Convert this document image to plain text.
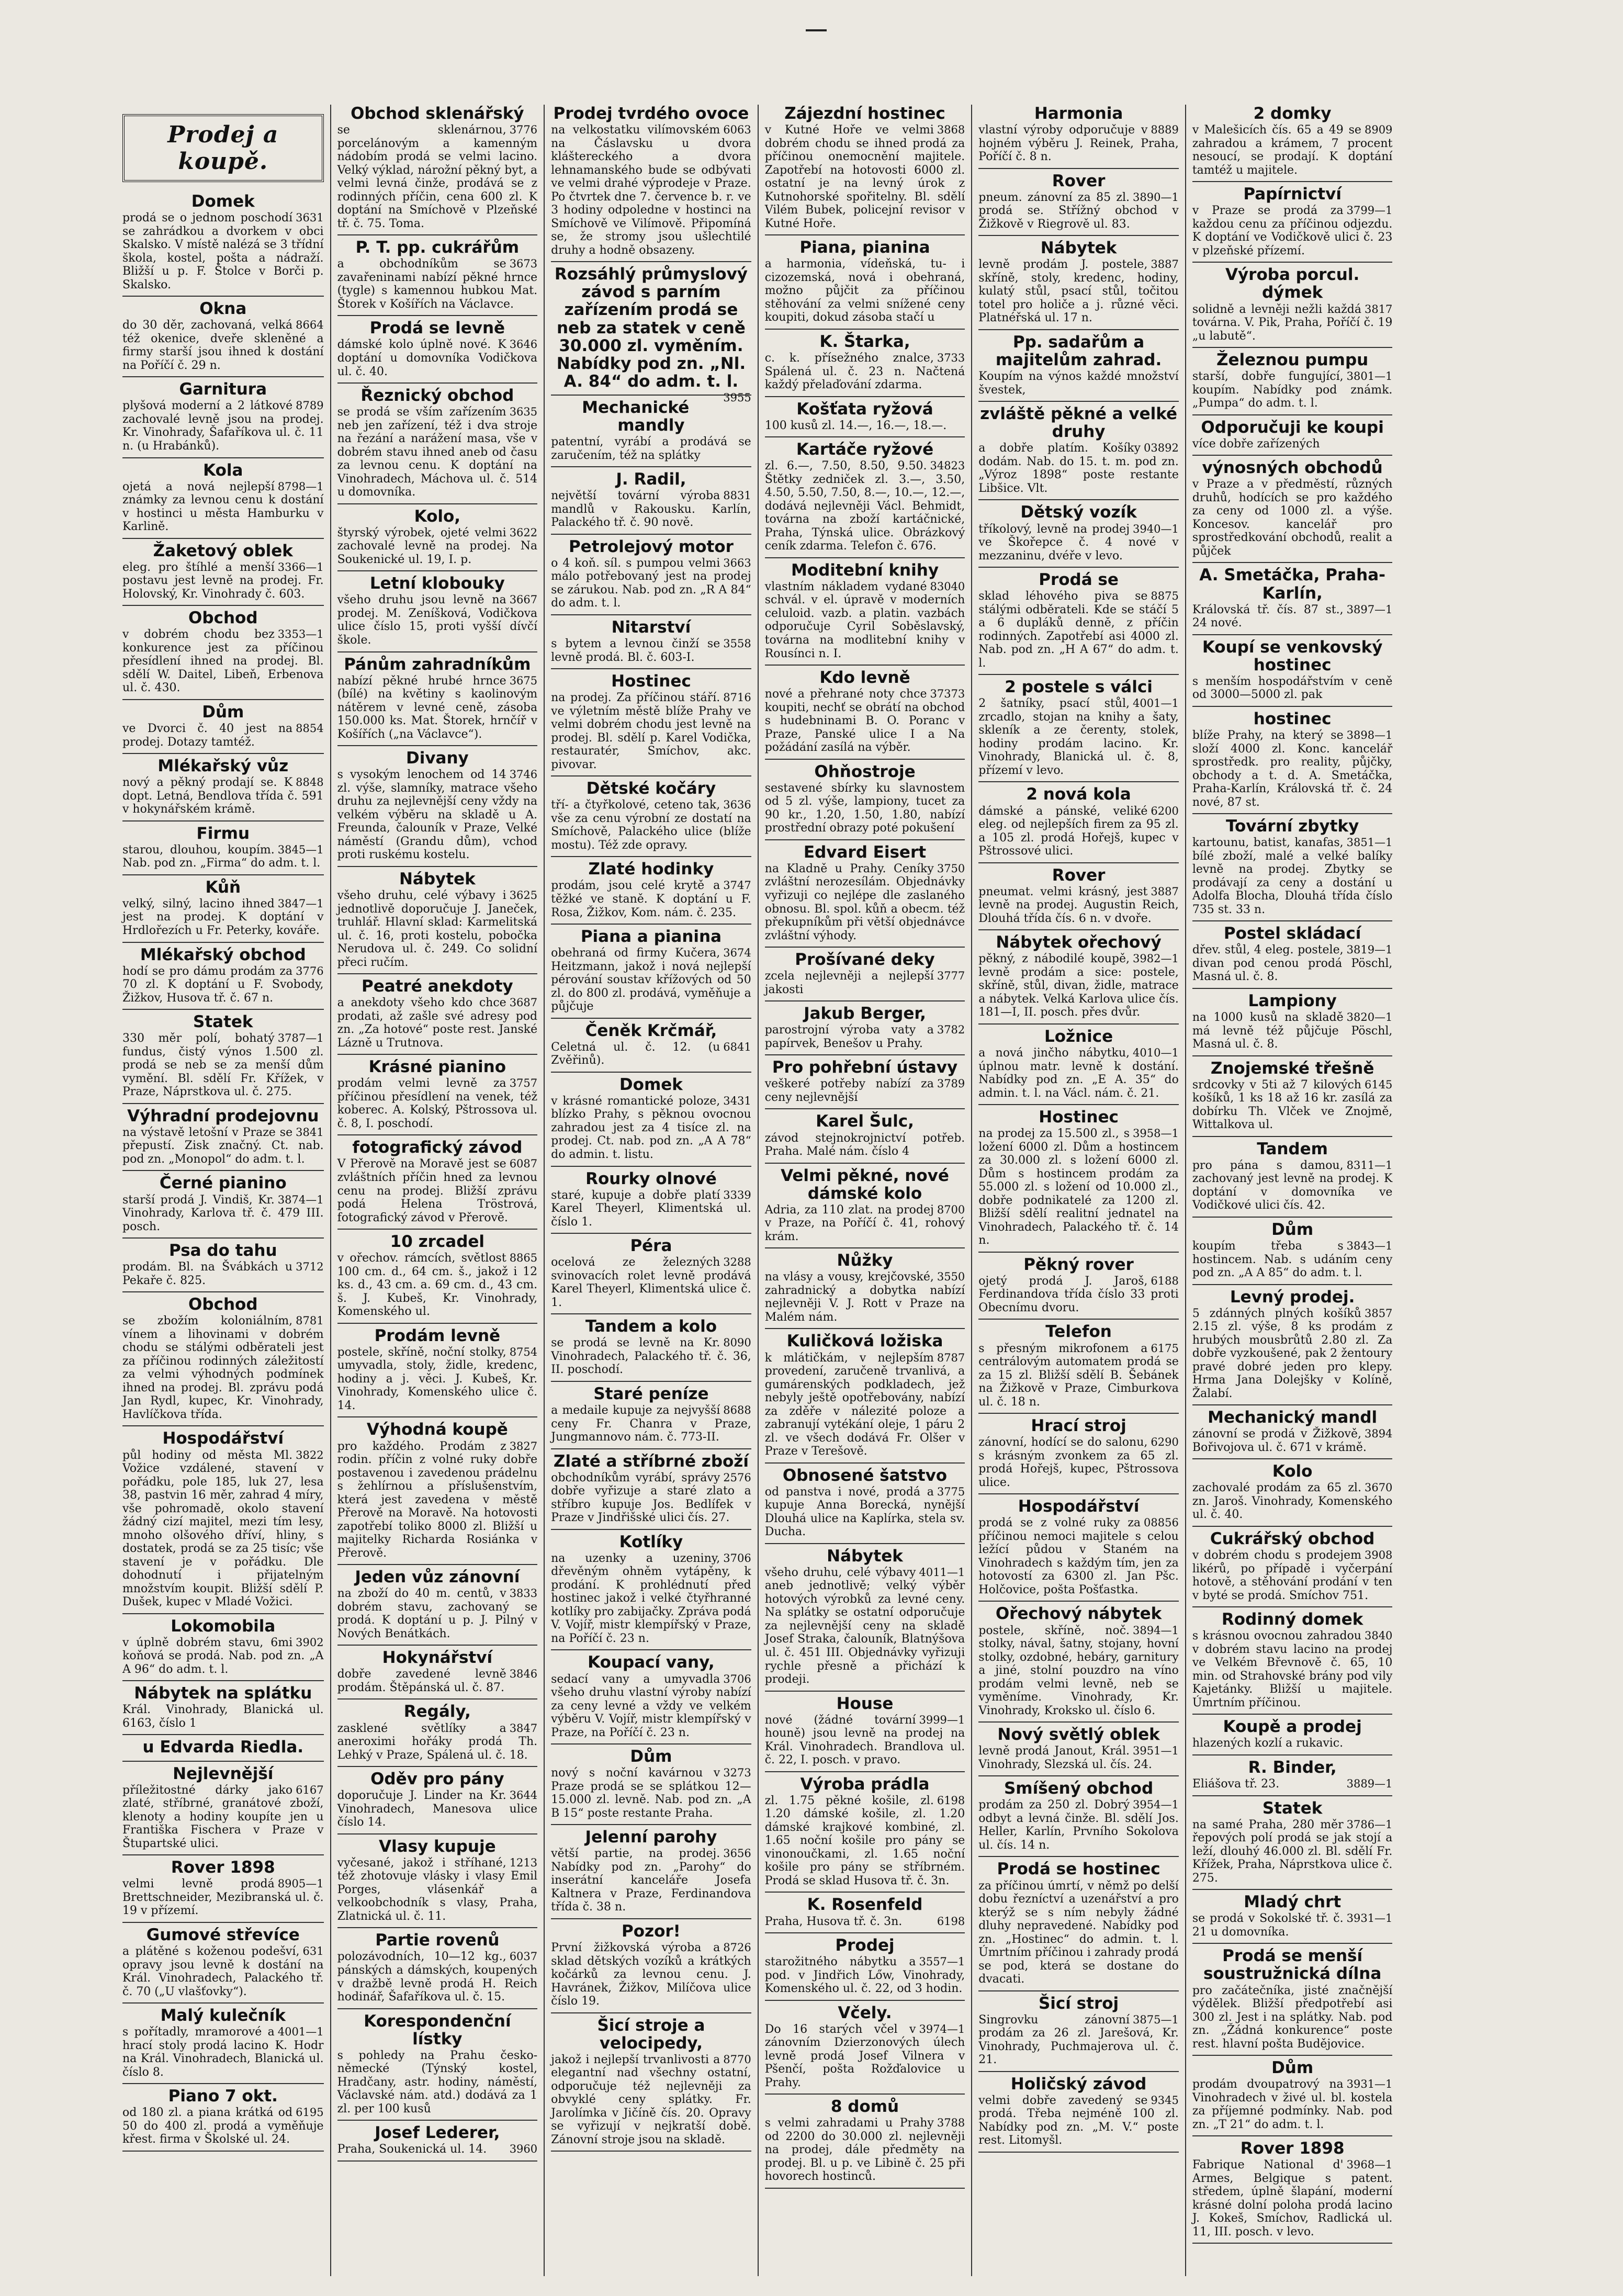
Prodej a koupě.
Domek

3631
prodá se o jednom poschodí se zahrádkou a dvorkem v obci Skalsko. V místě nalézá se 3 třídní škola, kostel, pošta a nádraží. Bližší u p. F. Štolce v Borči p. Skalsko.

Okna

8664
do 30 děr, zachovaná, velká též okenice, dveře skleněné a firmy starší jsou ihned k dostání na Poříčí č. 29 n.

Garnitura

8789
plyšová moderní a 2 látkové zachovalé levně jsou na prodej. Kr. Vinohrady, Šafaříkova ul. č. 11 n. (u Hrabánků).

Kola

8798—1
ojetá a nová nejlepší známky za levnou cenu k dostání v hostinci u města Hamburku v Karlině.

Žaketový oblek

3366—1
eleg. pro štíhlé a menší postavu jest levně na prodej. Fr. Holovský, Kr. Vinohrady č. 603.

Obchod

3353—1
v dobrém chodu bez konkurence jest za příčinou přesídlení ihned na prodej. Bl. sdělí W. Daitel, Libeň, Erbenova ul. č. 430.

Dům

8854
ve Dvorci č. 40 jest na prodej. Dotazy tamtéž.

Mlékařský vůz

8848
nový a pěkný prodají se. K dopt. Letná, Bendlova třída č. 591 v hokynářském krámě.

Firmu

3845—1
starou, dlouhou, koupím. Nab. pod zn. „Firma“ do adm. t. l.

Kůň

3847—1
velký, silný, lacino ihned jest na prodej. K doptání v Hrdlořezích u Fr. Peterky, kováře.

Mlékařský obchod

3776
hodí se pro dámu prodám za 70 zl. K doptání u F. Svobody, Žižkov, Husova tř. č. 67 n.

Statek

3787—1
330 měr polí, bohatý fundus, čistý výnos 1.500 zl. prodá se neb se za menší dům vymění. Bl. sdělí Fr. Křížek, v Praze, Náprstkova ul. č. 275.

Výhradní prodejovnu

3841
na výstavě letošní v Praze se přepustí. Zisk značný. Ct. nab. pod zn. „Monopol“ do adm. t. l.

Černé pianino

3874—1
starší prodá J. Vindiš, Kr. Vinohrady, Karlova tř. č. 479 III. posch.

Psa do tahu

3712
prodám. Bl. na Švábkách u Pekaře č. 825.

Obchod

8781
se zbožím koloniálním, vínem a lihovinami v dobrém chodu se stálými odběrateli jest za příčinou rodinných záležitostí za velmi výhodných podmínek ihned na prodej. Bl. zprávu podá Jan Rydl, kupec, Kr. Vinohrady, Havlíčkova třída.

Hospodářství

3822
půl hodiny od města Ml. Vožice vzdálené, stavení v pořádku, pole 185, luk 27, lesa 38, pastvin 16 měr, zahrad 4 míry, vše pohromadě, okolo stavení žádný cizí majitel, mezi tím lesy, mnoho olšového dříví, hliny, s dostatek, prodá se za 25 tisíc; vše stavení je v pořádku. Dle dohodnutí i přijatelným množstvím koupit. Bližší sdělí P. Dušek, kupec v Mladé Vožici.

Lokomobila

3902
v úplně dobrém stavu, 6mi koňová se prodá. Nab. pod zn. „A A 96“ do adm. t. l.

Nábytek na splátku

Král. Vinohrady, Blanická ul. 6163, číslo 1

u Edvarda Riedla.
Nejlevnější

6167
příležitostné dárky jako zlaté, stříbrné, granátové zboží, klenoty a hodiny koupíte jen u Františka Fischera v Praze v Štupartské ulici.

Rover 1898

8905—1
velmi levně prodá Brettschneider, Mezibranská ul. č. 19 v přízemí.

Gumové střevíce

631
a plátěné s koženou podešví, opravy jsou levně k dostání na Král. Vinohradech, Palackého tř. č. 70 („U vlašťovky“).

Malý kulečník

4001—1
s pořítadly, mramorové a hrací stoly prodá lacino K. Hodr na Král. Vinohradech, Blanická ul. číslo 8.

Piano 7 okt.

6195
od 180 zl. a piana krátká od 50 do 400 zl. prodá a vyměňuje křest. firma v Školské ul. 24.

Obchod sklenářský

3776
se sklenárnou, porcelánovým a kamenným nádobím prodá se velmi lacino. Velký výklad, nárožní pěkný byt, a velmi levná činže, prodává se z rodinných příčin, cena 600 zl. K doptání na Smíchově v Plzeňské tř. č. 75. Toma.

P. T. pp. cukrářům

3673
a obchodníkům se zavařeninami nabízí pěkné hrnce (tygle) s kamennou hubkou Mat. Štorek v Košířích na Václavce.

Prodá se levně

3646
dámské kolo úplně nové. K doptání u domovníka Vodičkova ul. č. 40.

Řeznický obchod

3635
se prodá se vším zařízením neb jen zařízení, též i dva stroje na řezání a narážení masa, vše v dobrém stavu ihned aneb od času za levnou cenu. K doptání na Vinohradech, Máchova ul. č. 514 u domovníka.

Kolo,

3622
štyrský výrobek, ojeté velmi zachovalé levně na prodej. Na Soukenické ul. 19, I. p.

Letní klobouky

3667
všeho druhu jsou levně na prodej. M. Zeníšková, Vodičkova ulice číslo 15, proti vyšší dívčí škole.

Pánům zahradníkům

3675
nabízí pěkné hrubé hrnce (bílé) na květiny s kaolinovým nátěrem v levné ceně, zásoba 150.000 ks. Mat. Štorek, hrnčíř v Košířích („na Václavce“).

Divany

3746
s vysokým lenochem od 14 zl. výše, slamníky, matrace všeho druhu za nejlevnější ceny vždy na velkém výběru na skladě u A. Freunda, čalouník v Praze, Velké náměstí (Grandu dům), vchod proti ruskému kostelu.

Nábytek

3625
všeho druhu, celé výbavy i jednotlivě doporučuje J. Janeček, truhlář. Hlavní sklad: Karmelitská ul. č. 16, proti kostelu, pobočka Nerudova ul. č. 249. Co solidní přeci ručím.

Peatré anekdoty

3687
a anekdoty všeho kdo chce prodati, až zašle své adresy pod zn. „Za hotové“ poste rest. Janské Lázně u Trutnova.

Krásné pianino

3757
prodám velmi levně za příčinou přesídlení na venek, též koberec. A. Kolský, Pštrossova ul. č. 8, I. poschodí.

fotografický závod

6087
V Přerově na Moravě jest se zvláštních příčin hned za levnou cenu na prodej. Bližší zprávu podá Helena Tröstrová, fotografický závod v Přerově.

10 zrcadel

8865
v ořechov. rámcích, světlost 100 cm. d., 64 cm. š., jakož i 12 ks. d., 43 cm. a. 69 cm. d., 43 cm. š. J. Kubeš, Kr. Vinohrady, Komenského ul.

Prodám levně

8754
postele, skříně, noční stolky, umyvadla, stoly, židle, kredenc, hodiny a j. věci. J. Kubeš, Kr. Vinohrady, Komenského ulice č. 14.

Výhodná koupě

3827
pro každého. Prodám z rodin. příčin z volné ruky dobře postavenou i zavedenou prádelnu s žehlírnou a příslušenstvím, která jest zavedena v městě Přerově na Moravě. Na hotovosti zapotřebí toliko 8000 zl. Bližší u majitelky Richarda Rosiánka v Přerově.

Jeden vůz zánovní

3833
na zboží do 40 m. centů, v dobrém stavu, zachovaný se prodá. K doptání u p. J. Pilný v Nových Benátkách.

Hokynářství

3846
dobře zavedené levně prodám. Štěpánská ul. č. 87.

Regály,

3847
zasklené světlíky a aneroximi hořáky prodá Th. Lehký v Praze, Spálená ul. č. 18.

Oděv pro pány

3644
doporučuje J. Linder na Kr. Vinohradech, Manesova ulice číslo 14.

Vlasy kupuje

1213
vyčesané, jakož i stříhané, též zhotovuje vlásky i vlasy Emil Porges, vlásenkář a velkoobchodník s vlasy, Praha, Zlatnická ul. č. 11.

Partie rovenů

6037
polozávodních, 10—12 kg., pánských a dámských, koupených v dražbě levně prodá H. Reich hodinář, Šafaříkova ul. č. 15.

Korespondenční lístky

s pohledy na Prahu česko-německé (Týnský kostel, Hradčany, astr. hodiny, náměstí, Václavské nám. atd.) dodává za 1 zl. per 100 kusů

Josef Lederer,

3960
Praha, Soukenická ul. 14.

Prodej tvrdého ovoce

6063
na velkostatku vilímovském na Čáslavsku u dvora kláštereckého a dvora lehnamanského bude se odbývati ve velmi drahé výprodeje v Praze. Po čtvrtek dne 7. července b. r. ve 3 hodiny odpoledne v hostinci na Smíchově ve Vilímově. Připomíná se, že stromy jsou ušlechtilé druhy a hodně obsazeny.

Rozsáhlý průmyslový závod s parním zařízením prodá se neb za statek v ceně 30.000 zl. vyměním. Nabídky pod zn. „Nl. A. 84“ do adm. t. l.

3955

Mechanické mandly

patentní, vyrábí a prodává se zaručením, též na splátky

J. Radil,

8831
největší tovární výroba mandlů v Rakousku. Karlín, Palackého tř. č. 90 nově.

Petrolejový motor

3663
o 4 koň. síl. s pumpou velmi málo potřebovaný jest na prodej se zárukou. Nab. pod zn. „R A 84“ do adm. t. l.

Nitarství

3558
s bytem a levnou činží se levně prodá. Bl. č. 603-I.

Hostinec

8716
na prodej. Za příčinou stáří. ve výletním městě blíže Prahy ve velmi dobrém chodu jest levně na prodej. Bl. sdělí p. Karel Vodička, restauratér, Smíchov, akc. pivovar.

Dětské kočáry

3636
tří- a čtyřkolové, ceteno tak, vše za cenu výrobní ze dostatí na Smíchově, Palackého ulice (blíže mostu). Též zde opravy.

Zlaté hodinky

3747
prodám, jsou celé krytě a těžké ve staně. K doptání u F. Rosa, Žižkov, Kom. nám. č. 235.

Piana a pianina

3674
obehraná od firmy Kučera, Heitzmann, jakož i nová nejlepší pérování soustav křížových od 50 zl. do 800 zl. prodává, vyměňuje a půjčuje

Čeněk Krčmář,

6841
Celetná ul. č. 12. (u Zvěřinů).

Domek

3431
v krásné romantické poloze, blízko Prahy, s pěknou ovocnou zahradou jest za 4 tisíce zl. na prodej. Ct. nab. pod zn. „A A 78“ do admin. t. listu.

Rourky olnové

3339
staré, kupuje a dobře platí Karel Theyerl, Klimentská ul. číslo 1.

Péra

3288
ocelová ze železných svinovacích rolet levně prodává Karel Theyerl, Klimentská ulice č. 1.

Tandem a kolo

8090
se prodá se levně na Kr. Vinohradech, Palackého tř. č. 36, II. poschodí.

Staré peníze

8688
a medaile kupuje za nejvyšší ceny Fr. Chanra v Praze, Jungmannovo nám. č. 773-II.

Zlaté a stříbrné zboží

2576
obchodníkům vyrábí, správy dobře vyřizuje a staré zlato a stříbro kupuje Jos. Bedlífek v Praze v Jindřišské ulici čís. 27.

Kotlíky

3706
na uzenky a uzeniny, dřevěným ohněm vytápěny, k prodání. K prohlédnutí před hostinec jakož i velké čtyřhranné kotlíky pro zabijačky. Zpráva podá V. Vojíř, mistr klempířský v Praze, na Poříčí č. 23 n.

Koupací vany,

3706
sedací vany a umyvadla všeho druhu vlastní výroby nabízí za ceny levné a vždy ve velkém výběru V. Vojíř, mistr klempířský v Praze, na Poříčí č. 23 n.

Dům

3273
nový s noční kavárnou v Praze prodá se se splátkou 12—15.000 zl. levně. Nab. pod zn. „A B 15“ poste restante Praha.

Jelenní parohy

3656
větší partie, na prodej. Nabídky pod zn. „Parohy“ do inserátní kanceláře Josefa Kaltnera v Praze, Ferdinandova třída č. 38 n.

Pozor!

8726
První žižkovská výroba a sklad dětských vozíků a krátkých kočárků za levnou cenu. J. Havránek, Žižkov, Milíčova ulice číslo 19.

Šicí stroje a velocipedy,

8770
jakož i nejlepší trvanlivosti a elegantní nad všechny ostatní, odporučuje též nejlevněji za obvyklé ceny splátky. Fr. Jarolímka v Jičíně čís. 20. Opravy se vyřizují v nejkratší době. Zánovní stroje jsou na skladě.

Zájezdní hostinec

3868
v Kutné Hoře ve velmi dobrém chodu se ihned prodá za příčinou onemocnění majitele. Zapotřebí na hotovosti 6000 zl. ostatní je na levný úrok z Kutnohorské spořitelny. Bl. sdělí Vilém Bubek, policejní revisor v Kutné Hoře.

Piana, pianina

a harmonia, vídeňská, tu- i cizozemská, nová i obehraná, možno půjčit za příčinou stěhování za velmi snížené ceny koupiti, dokud zásoba stačí u

K. Štarka,

3733
c. k. přísežného znalce, Spálená ul. č. 23 n. Načtená každý přelaďování zdarma.

Košťata ryžová

100 kusů zl. 14.—, 16.—, 18.—.

Kartáče ryžové

34823
zl. 6.—, 7.50, 8.50, 9.50. Štětky zedniček zl. 3.—, 3.50, 4.50, 5.50, 7.50, 8.—, 10.—, 12.—, dodává nejlevněji Václ. Behmidt, továrna na zboží kartáčnické, Praha, Týnská ulice. Obrázkový ceník zdarma. Telefon č. 676.

Moditební knihy

83040
vlastním nákladem vydané schvál. v el. úpravě v moderních celuloid. vazb. a platin. vazbách odporučuje Cyril Soběslavský, továrna na modlitební knihy v Rousínci n. I.

Kdo levně

37373
nové a přehrané noty chce koupiti, nechť se obrátí na obchod s hudebninami B. O. Poranc v Praze, Panské ulice I a Na požádání zasílá na výběr.

Ohňostroje

sestavené sbírky ku slavnostem od 5 zl. výše, lampiony, tucet za 90 kr., 1.20, 1.50, 1.80, nabízí prostřední obrazy poté pokušení

Edvard Eisert

3750
na Kladně u Prahy. Ceníky zvláštní nerozesílám. Objednávky vyřizuji co nejlépe dle zaslaného obnosu. Bl. spol. kůň a obecm. též překupníkům při větší objednávce zvláštní výhody.

Prošívané deky

3777
zcela nejlevněji a nejlepší jakosti

Jakub Berger,

3782
parostrojní výroba vaty a papírvek, Benešov u Prahy.

Pro pohřební ústavy

3789
veškeré potřeby nabízí za ceny nejlevnější

Karel Šulc,

závod stejnokrojnictví potřeb. Praha. Malé nám. číslo 4

Velmi pěkné, nové dámské kolo

8700
Adria, za 110 zlat. na prodej v Praze, na Poříčí č. 41, rohový krám.

Nůžky

3550
na vlásy a vousy, krejčovské, zahradnický a dobytka nabízí nejlevněji V. J. Rott v Praze na Malém nám.

Kuličková ložiska

8787
k mlátičkám, v nejlepším provedení, zaručeně trvanlivá, a gumárenských podkladech, jež nebyly ještě opotřebovány, nabízí za zděře v nálezité poloze a zabranují vytékání oleje, 1 páru 2 zl. ve všech dodává Fr. Olšer v Praze v Terešově.

Obnosené šatstvo

3775
od panstva i nové, prodá a kupuje Anna Borecká, nynější Dlouhá ulice na Kaplírka, stela sv. Ducha.

Nábytek

4011—1
všeho druhu, celé výbavy aneb jednotlivě; velký výběr hotových výrobků za levné ceny. Na splátky se ostatní odporučuje za nejlevnější ceny na skladě Josef Straka, čalouník, Blatnýšova ul. č. 451 III. Objednávky vyřizuji rychle přesně a přichází k prodeji.

House

3999—1
nové (žádné tovární houně) jsou levně na prodej na Král. Vinohradech. Brandlova ul. č. 22, I. posch. v pravo.

Výroba prádla

6198
zl. 1.75 pěkné košile, zl. 1.20 dámské košile, zl. 1.20 dámské krajkové kombiné, zl. 1.65 noční košile pro pány se vinonoučkami, zl. 1.65 noční košile pro pány se stříbrném. Prodá se sklad Husova tř. č. 3n.

K. Rosenfeld

6198
Praha, Husova tř. č. 3n.

Prodej

3557—1
starožitného nábytku a pod. v Jindřich Lőw, Vinohrady, Komenského ul. č. 22, od 3 hodin.

Včely.

3974—1
Do 16 starých včel v zánovním Dzierzonových úlech levně prodá Josef Vilnera v Pšenčí, pošta Rožďalovice u Prahy.

8 domů

3788
s velmi zahradami u Prahy od 2200 do 30.000 zl. nejlevněji na prodej, dále předměty na prodej. Bl. u p. ve Libině č. 25 při hovorech hostinců.

Harmonia

8889
vlastní výroby odporučuje v hojném výběru J. Reinek, Praha, Poříčí č. 8 n.

Rover

3890—1
pneum. zánovní za 85 zl. prodá se. Střížný obchod v Žižkově v Riegrově ul. 83.

Nábytek

3887
levně prodám J. postele, skříně, stoly, kredenc, hodiny, kulatý stůl, psací stůl, točitou totel pro holiče a j. různé věci. Platnéřská ul. 17 n.

Pp. sadařům a majitelům zahrad.

Koupím na výnos každé množství švestek,

zvláště pěkné a velké druhy

03892
a dobře platím. Košíky dodám. Nab. do 15. t. m. pod zn. „Výroz 1898“ poste restante Libšice. Vlt.

Dětský vozík

3940—1
tříkolový, levně na prodej ve Škořepce č. 4 nové v mezzaninu, dvéře v levo.

Prodá se

8875
sklad léhového piva se stálými odběrateli. Kde se stáčí 5 a 6 dupláků denně, z příčin rodinných. Zapotřebí asi 4000 zl. Nab. pod zn. „H A 67“ do adm. t. l.

2 postele s válci

4001—1
2 šatníky, psací stůl, zrcadlo, stojan na knihy a šaty, skleník a ze čerenty, stolek, hodiny prodám lacino. Kr. Vinohrady, Blanická ul. č. 8, přízemí v levo.

2 nová kola

6200
dámské a pánské, veliké eleg. od nejlepších firem za 95 zl. a 105 zl. prodá Hořejš, kupec v Pštrossové ulici.

Rover

3887
pneumat. velmi krásný, jest levně na prodej. Augustin Reich, Dlouhá třída čís. 6 n. v dvoře.

Nábytek ořechový

3982—1
pěkný, z nábodilé koupě, levně prodám a sice: postele, skříně, stůl, divan, židle, matrace a nábytek. Velká Karlova ulice čís. 181—I, II. posch. přes dvůr.

Ložnice

4010—1
a nová jinčho nábytku, úplnou matr. levně k dostání. Nabídky pod zn. „E A. 35“ do admin. t. l. na Václ. nám. č. 21.

Hostinec

3958—1
na prodej za 15.500 zl., s ložení 6000 zl. Dům a hostincem za 30.000 zl. s ložení 6000 zl. Dům s hostincem prodám za 55.000 zl. s ložení od 10.000 zl., dobře podnikatelé za 1200 zl. Bližší sdělí realitní jednatel na Vinohradech, Palackého tř. č. 14 n.

Pěkný rover

6188
ojetý prodá J. Jaroš, Ferdinandova třída číslo 33 proti Obecnímu dvoru.

Telefon

6175
s přesným mikrofonem a centrálovým automatem prodá se za 15 zl. Bližší sdělí B. Šebánek na Žižkově v Praze, Cimburkova ul. č. 18 n.

Hrací stroj

6290
zánovní, hodící se do salonu, s krásným zvonkem za 65 zl. prodá Hořejš, kupec, Pštrossova ulice.

Hospodářství

08856
prodá se z volné ruky za příčinou nemoci majitele s celou ležící půdou v Staném na Vinohradech s každým tím, jen za hotovostí za 6300 zl. Jan Pšc. Holčovice, pošta Pošťastka.

Ořechový nábytek

3894—1
postele, skříně, noč. stolky, nával, šatny, stojany, hovní stolky, ozdobné, hebáry, garnitury a jiné, stolní pouzdro na víno prodám velmi levně, neb se vyměníme. Vinohrady, Kr. Vinohrady, Kroksko ul. číslo 6.

Nový světlý oblek

3951—1
levně prodá Janout, Král. Vinohrady, Slezská ul. čís. 24.

Smíšený obchod

3954—1
prodám za 250 zl. Dobrý odbyt a levná činže. Bl. sdělí Jos. Heller, Karlín, Prvního Sokolova ul. čís. 14 n.

Prodá se hostinec

za příčinou úmrtí, v němž po delší dobu řezníctví a uzenářství a pro kterýž se s ním nebyly žádné dluhy nepravedené. Nabídky pod zn. „Hostinec“ do admin. t. l. Úmrtním příčinou i zahrady prodá se pod, která se dostane do dvacati.

Šicí stroj

3875—1
Singrovku zánovní prodám za 26 zl. Jarešová, Kr. Vinohrady, Puchmajerova ul. č. 21.

Holičský závod

9345
velmi dobře zavedený se prodá. Třeba nejméně 100 zl. Nabídky pod zn. „M. V.“ poste rest. Litomyšl.

2 domky

8909
v Malešicích čís. 65 a 49 se zahradou a krámem, 7 procent nesoucí, se prodají. K doptání tamtéž u majitele.

Papírnictví

3799—1
v Praze se prodá za každou cenu za příčinou odjezdu. K doptání ve Vodičkově ulici č. 23 v plzeňské přízemí.

Výroba porcul. dýmek

3817
solidně a levněji nežli každá továrna. V. Pik, Praha, Poříčí č. 19 „u labutě“.

Železnou pumpu

3801—1
starší, dobře fungující, koupím. Nabídky pod známk. „Pumpa“ do adm. t. l.

Odporučuji ke koupi

více dobře zařízených

výnosných obchodů

v Praze a v předměstí, různých druhů, hodících se pro každého za ceny od 1000 zl. a výše. Koncesov. kancelář pro sprostředkování obchodů, realit a půjček

A. Smetáčka, Praha-Karlín,

3897—1
Královská tř. čís. 87 st., 24 nové.

Koupí se venkovský hostinec

s menším hospodářstvím v ceně od 3000—5000 zl. pak

hostinec

3898—1
blíže Prahy, na který se složí 4000 zl. Konc. kancelář sprostředk. pro reality, půjčky, obchody a t. d. A. Smetáčka, Praha-Karlín, Královská tř. č. 24 nové, 87 st.

Tovární zbytky

3851—1
kartounu, batist, kanafas, bílé zboží, malé a velké balíky levně na prodej. Zbytky se prodávají za ceny a dostání u Adolfa Blocha, Dlouhá třída číslo 735 st. 33 n.

Postel skládací

3819—1
dřev. stůl, 4 eleg. postele, divan pod cenou prodá Pöschl, Masná ul. č. 8.

Lampiony

3820—1
na 1000 kusů na skladě má levně též půjčuje Pöschl, Masná ul. č. 8.

Znojemské třešně

6145
srdcovky v 5ti až 7 kilových košíků, 1 ks 18 až 16 kr. zasílá za dobírku Th. Vlček ve Znojmě, Wittalkova ul.

Tandem

8311—1
pro pána s damou, zachovaný jest levně na prodej. K doptání v domovníka ve Vodičkové ulici čís. 42.

Dům

3843—1
koupím třeba s hostincem. Nab. s udáním ceny pod zn. „A A 85“ do adm. t. l.

Levný prodej.

3857
5 zdánných plných košíků 2.15 zl. výše, 8 ks prodám z hrubých mousbrůtů 2.80 zl. Za dobře vyzkoušené, pak 2 žentoury pravé dobré jeden pro klepy. Hrma Jana Dolejšky v Kolíně, Žalabí.

Mechanický mandl

3894
zánovní se prodá v Žižkově, Bořivojova ul. č. 671 v krámě.

Kolo

3670
zachovalé prodám za 65 zl. zn. Jaroš. Vinohrady, Komenského ul. č. 40.

Cukrářský obchod

3908
v dobrém chodu s prodejem likérů, po případě i vyčerpání hotově, a stěhování prodání v ten v byté se prodá. Smíchov 751.

Rodinný domek

3840
s krásnou ovocnou zahradou v dobrém stavu lacino na prodej ve Velkém Břevnově č. 65, 10 min. od Strahovské brány pod vily Kajetánky. Bližší u majitele. Úmrtním příčinou.

Koupě a prodej

hlazených kozlí a rukavic.

R. Binder,

3889—1
Eliášova tř. 23.

Statek

3786—1
na samé Praha, 280 měr řepových polí prodá se jak stojí a leží, dlouhý 46.000 zl. Bl. sdělí Fr. Křížek, Praha, Náprstkova ulice č. 275.

Mladý chrt

3931—1
se prodá v Sokolské tř. č. 21 u domovníka.

Prodá se menší soustružnická dílna

pro začátečníka, jisté značnější výdělek. Bližší předpotřebí asi 300 zl. Jest i na splátky. Nab. pod zn. „Žádná konkurence“ poste rest. hlavní pošta Budějovice.

Dům

3931—1
prodám dvoupatrový na Vinohradech v živé ul. bl. kostela za příjemné podmínky. Nab. pod zn. „T 21“ do adm. t. l.

Rover 1898

3968—1
Fabrique National d' Armes, Belgique s patent. středem, úplně šlapání, moderní krásné dolní poloha prodá lacino J. Kokeš, Smíchov, Radlická ul. 11, III. posch. v levo.
